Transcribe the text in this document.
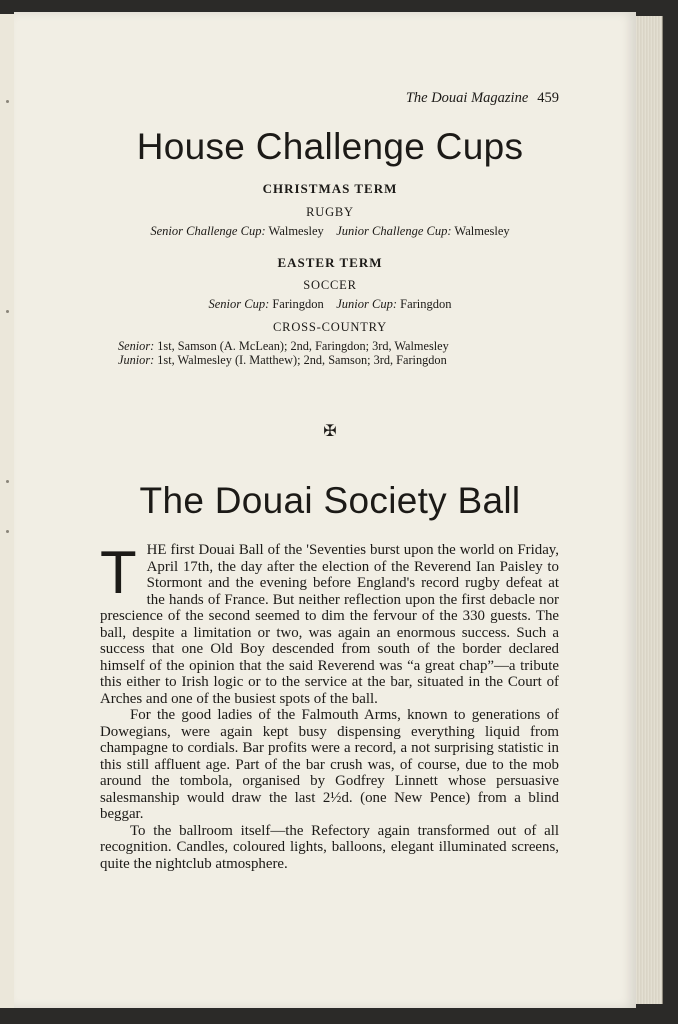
The Douai Magazine 459
House Challenge Cups
CHRISTMAS TERM
RUGBY
Senior Challenge Cup: Walmesley Junior Challenge Cup: Walmesley
EASTER TERM
SOCCER
Senior Cup: Faringdon Junior Cup: Faringdon
CROSS-COUNTRY
Senior: 1st, Samson (A. McLean); 2nd, Faringdon; 3rd, Walmesley
Junior: 1st, Walmesley (I. Matthew); 2nd, Samson; 3rd, Faringdon
✠
The Douai Society Ball

THE first Douai Ball of the 'Seventies burst upon the world on Friday, April 17th, the day after the election of the Reverend Ian Paisley to Stormont and the evening before England's record rugby defeat at the hands of France. But neither reflection upon the first debacle nor prescience of the second seemed to dim the fervour of the 330 guests. The ball, despite a limitation or two, was again an enormous success. Such a success that one Old Boy descended from south of the border declared himself of the opinion that the said Reverend was “a great chap”—a tribute this either to Irish logic or to the service at the bar, situated in the Court of Arches and one of the busiest spots of the ball.

For the good ladies of the Falmouth Arms, known to generations of Dowegians, were again kept busy dispensing everything liquid from champagne to cordials. Bar profits were a record, a not surprising statistic in this still affluent age. Part of the bar crush was, of course, due to the mob around the tombola, organised by Godfrey Linnett whose persuasive salesmanship would draw the last 2½d. (one New Pence) from a blind beggar.

To the ballroom itself—the Refectory again transformed out of all recognition. Candles, coloured lights, balloons, elegant illuminated screens, quite the nightclub atmosphere.
